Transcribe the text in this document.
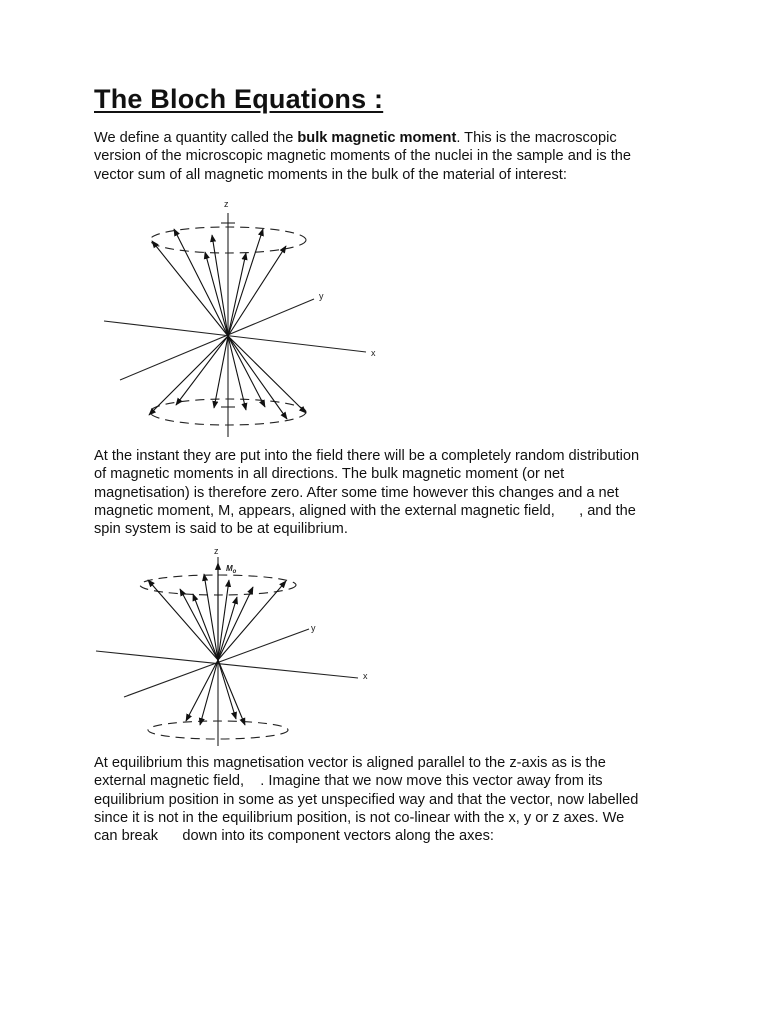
The Bloch Equations :
We define a quantity called the bulk magnetic moment. This is the macroscopic
version of the microscopic magnetic moments of the nuclei in the sample and is the
vector sum of all magnetic moments in the bulk of the material of interest:
z
y
x
At the instant they are put into the field there will be a completely random distribution
of magnetic moments in all directions. The bulk magnetic moment (or net
magnetisation) is therefore zero. After some time however this changes and a net
magnetic moment, M, appears, aligned with the external magnetic field,      , and the
spin system is said to be at equilibrium.
z
$M_o$
y
x
At equilibrium this magnetisation vector is aligned parallel to the z-axis as is the
external magnetic field,    . Imagine that we now move this vector away from its
equilibrium position in some as yet unspecified way and that the vector, now labelled
since it is not in the equilibrium position, is not co-linear with the x, y or z axes. We
can break      down into its component vectors along the axes:
